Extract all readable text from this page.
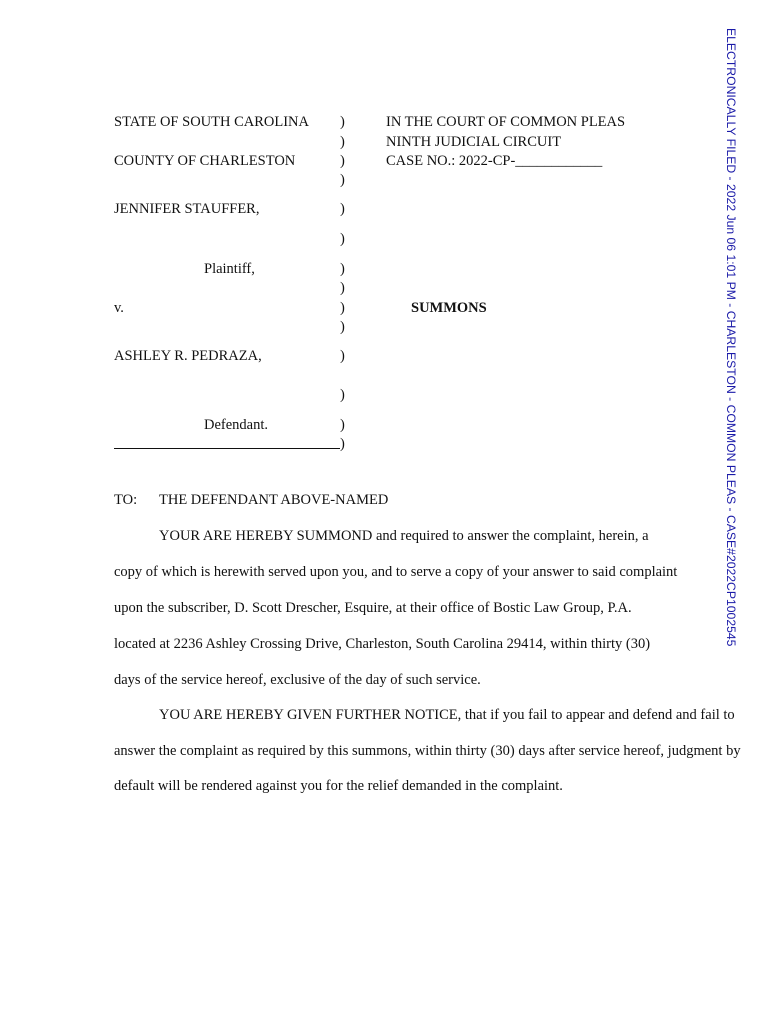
STATE OF SOUTH CAROLINA
COUNTY OF CHARLESTON
JENNIFER STAUFFER,
Plaintiff,
v.
ASHLEY R. PEDRAZA,
Defendant.
)
)
)
)
)
)
)
)
)
)
)
)
)
)
IN THE COURT OF COMMON PLEAS
NINTH JUDICIAL CIRCUIT
CASE NO.: 2022-CP-____________
SUMMONS
TO: THE DEFENDANT ABOVE-NAMED
YOUR ARE HEREBY SUMMOND and required to answer the complaint, herein, a
copy of which is herewith served upon you, and to serve a copy of your answer to said complaint
upon the subscriber, D. Scott Drescher, Esquire, at their office of Bostic Law Group, P.A.
located at 2236 Ashley Crossing Drive, Charleston, South Carolina 29414, within thirty (30)
days of the service hereof, exclusive of the day of such service.
YOU ARE HEREBY GIVEN FURTHER NOTICE, that if you fail to appear and defend and fail to
answer the complaint as required by this summons, within thirty (30) days after service hereof, judgment by
default will be rendered against you for the relief demanded in the complaint.
ELECTRONICALLY FILED - 2022 Jun 06 1:01 PM - CHARLESTON - COMMON PLEAS - CASE#2022CP1002545
